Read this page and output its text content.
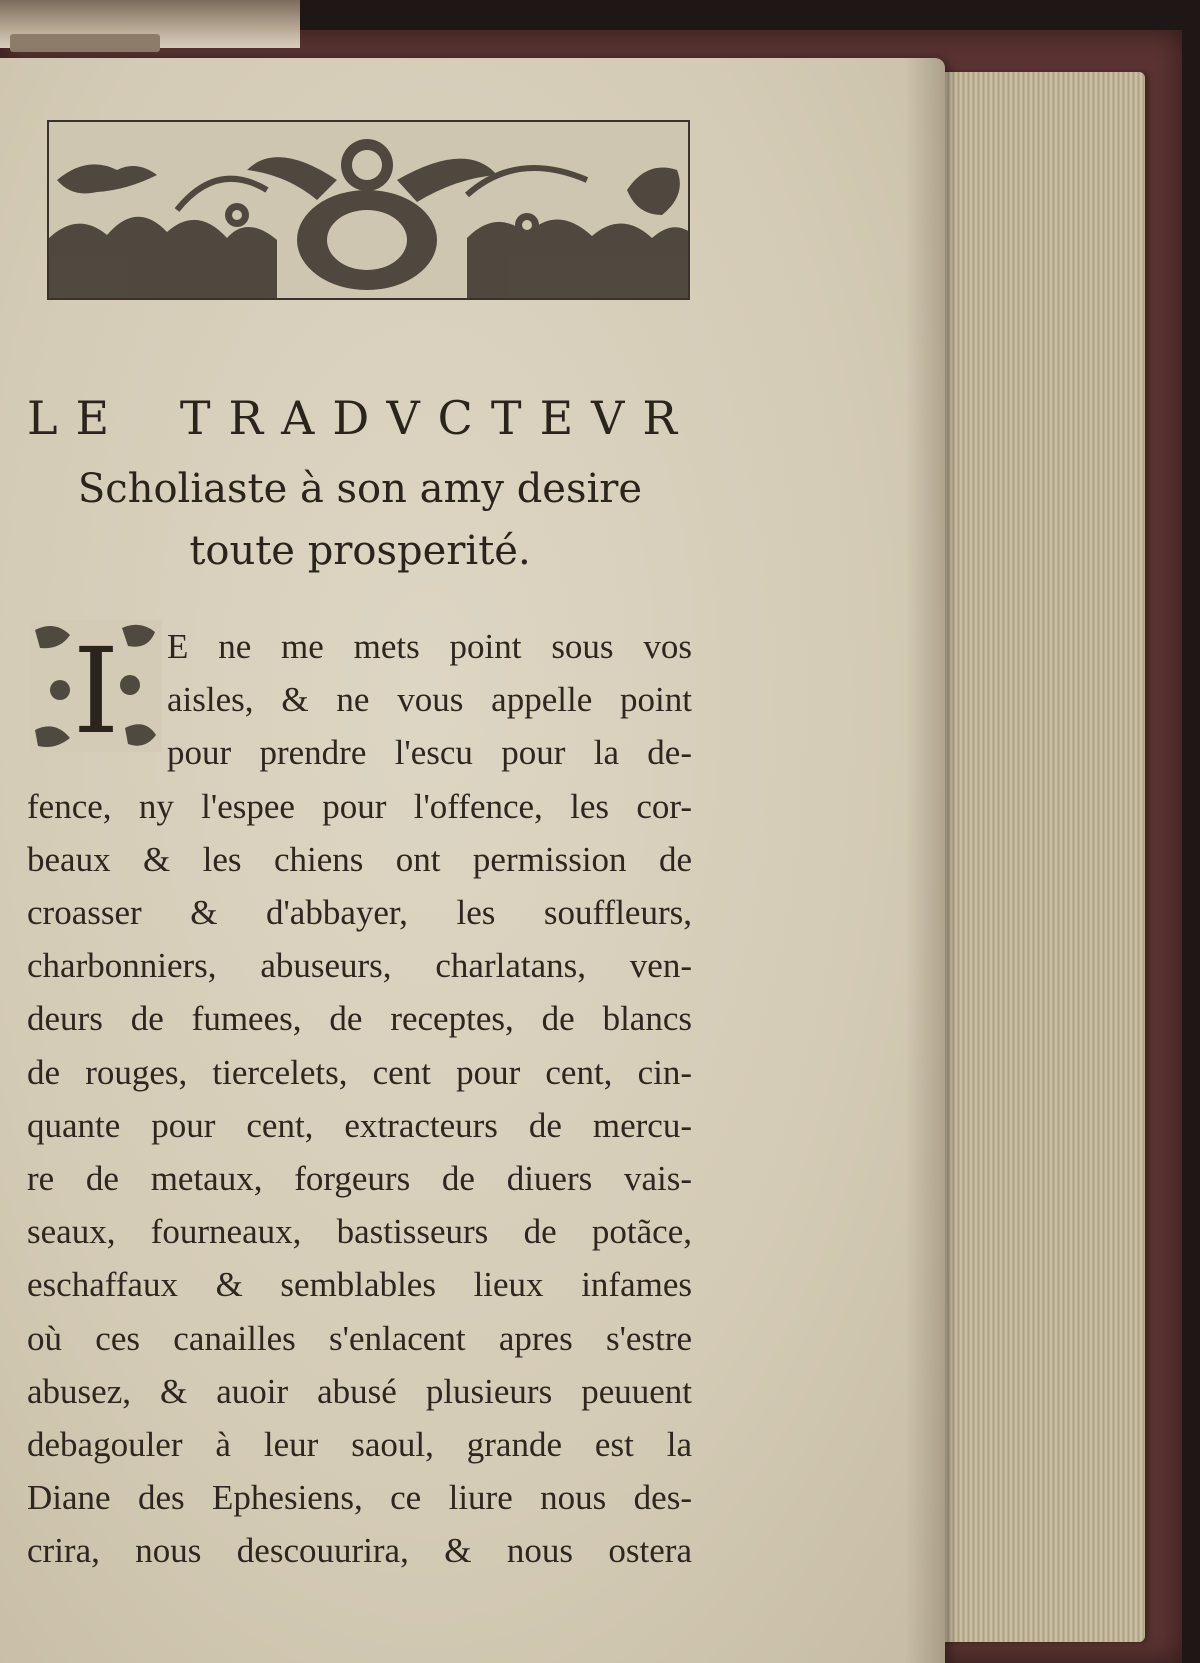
LE TRADVCTEVR
Scholiaste à son amy desire
toute prosperité.
I	E ne me mets point sous vos

aisles, & ne vous appelle point

pour prendre l'escu pour la de-

fence, ny l'espee pour l'offence, les cor-

beaux & les chiens ont permission de

croasser & d'abbayer, les souffleurs,

charbonniers, abuseurs, charlatans, ven-

deurs de fumees, de receptes, de blancs

de rouges, tiercelets, cent pour cent, cin-

quante pour cent, extracteurs de mercu-

re de metaux, forgeurs de diuers vais-

seaux, fourneaux, bastisseurs de potãce,

eschaffaux & semblables lieux infames

où ces canailles s'enlacent apres s'estre

abusez, & auoir abusé plusieurs peuuent

debagouler à leur saoul, grande est la

Diane des Ephesiens, ce liure nous des-

crira, nous descouurira, & nous ostera
